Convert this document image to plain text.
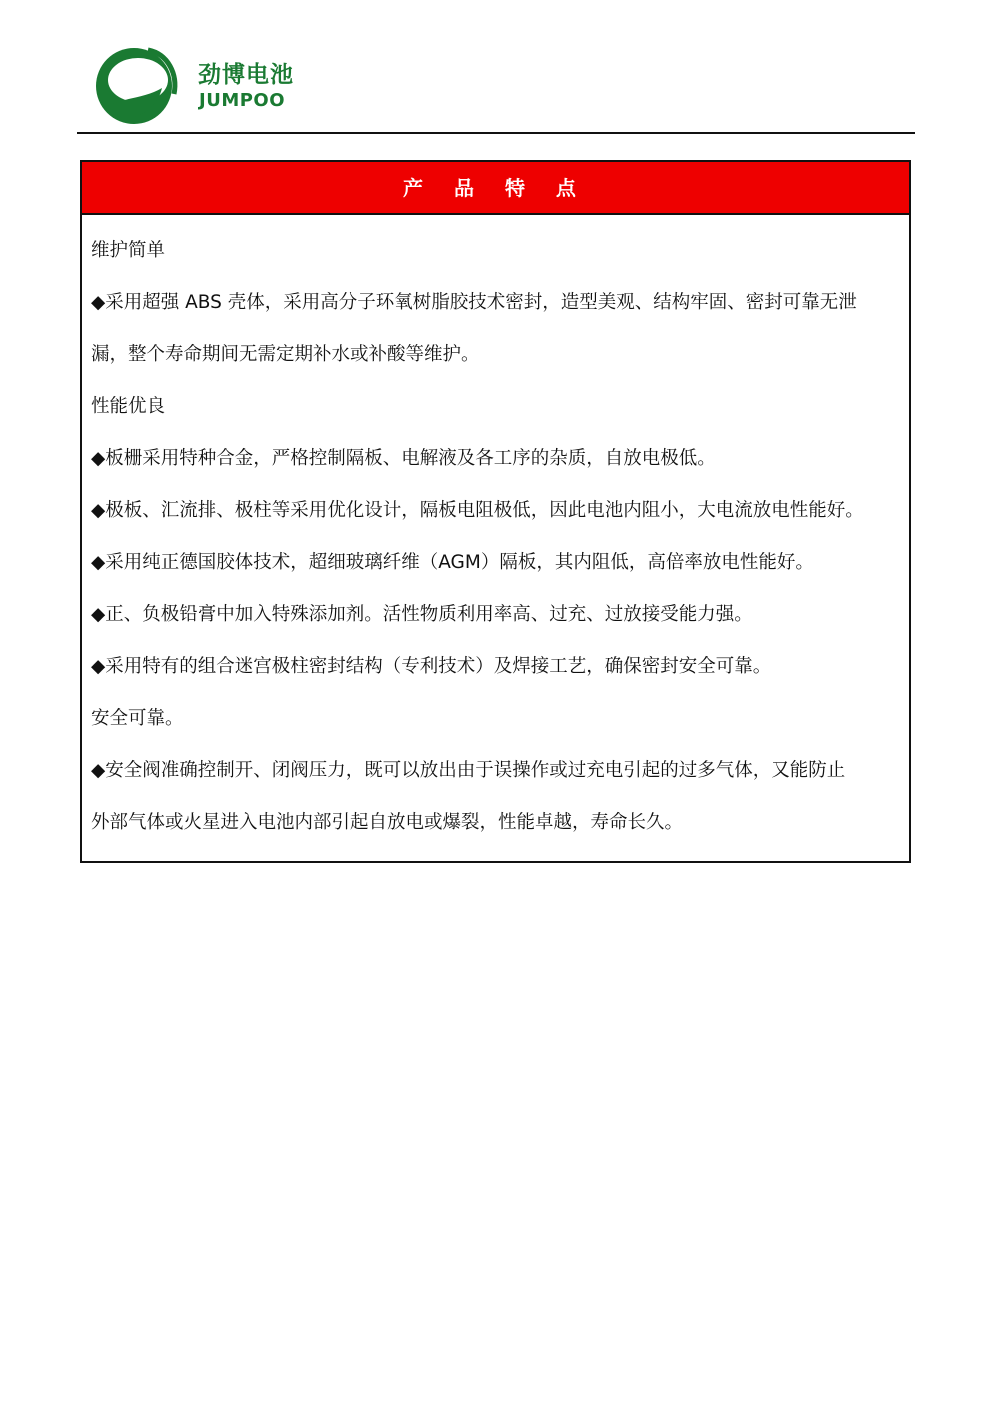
劲博电池
JUMPOO
产 品 特 点
维护简单
◆采用超强 ABS 壳体，采用高分子环氧树脂胶技术密封，造型美观、结构牢固、密封可靠无泄
漏，整个寿命期间无需定期补水或补酸等维护。
性能优良
◆板栅采用特种合金，严格控制隔板、电解液及各工序的杂质，自放电极低。
◆极板、汇流排、极柱等采用优化设计，隔板电阻极低，因此电池内阻小，大电流放电性能好。
◆采用纯正德国胶体技术，超细玻璃纤维（AGM）隔板，其内阻低，高倍率放电性能好。
◆正、负极铅膏中加入特殊添加剂。活性物质利用率高、过充、过放接受能力强。
◆采用特有的组合迷宫极柱密封结构（专利技术）及焊接工艺，确保密封安全可靠。
安全可靠。
◆安全阀准确控制开、闭阀压力，既可以放出由于误操作或过充电引起的过多气体，又能防止
外部气体或火星进入电池内部引起自放电或爆裂，性能卓越，寿命长久。
